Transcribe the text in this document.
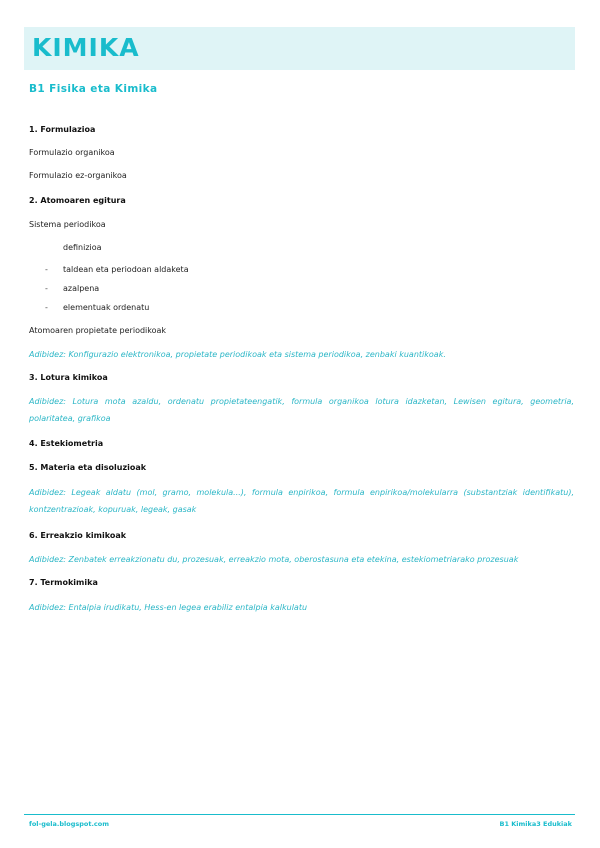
KIMIKA
B1 Fisika eta Kimika
1. Formulazioa
Formulazio organikoa
Formulazio ez-organikoa
2. Atomoaren egitura
Sistema periodikoa
definizioa
- taldean eta periodoan aldaketa
- azalpena
- elementuak ordenatu
Atomoaren propietate periodikoak
Adibidez: Konfigurazio elektronikoa, propietate periodikoak eta sistema periodikoa, zenbaki kuantikoak.
3. Lotura kimikoa
Adibidez: Lotura mota azaldu, ordenatu propietateengatik, formula organikoa lotura idazketan, Lewisen egitura, geometria, polaritatea, grafikoa
4. Estekiometria
5. Materia eta disoluzioak
Adibidez: Legeak aldatu (mol, gramo, molekula...), formula enpirikoa, formula enpirikoa/molekularra (substantziak identifikatu), kontzentrazioak, kopuruak, legeak, gasak
6. Erreakzio kimikoak
Adibidez: Zenbatek erreakzionatu du, prozesuak, erreakzio mota, oberostasuna eta etekina, estekiometriarako prozesuak
7. Termokimika
Adibidez: Entalpia irudikatu, Hess-en legea erabiliz entalpia kalkulatu
fol-gela.blogspot.com	B1 Kimika3 Edukiak
